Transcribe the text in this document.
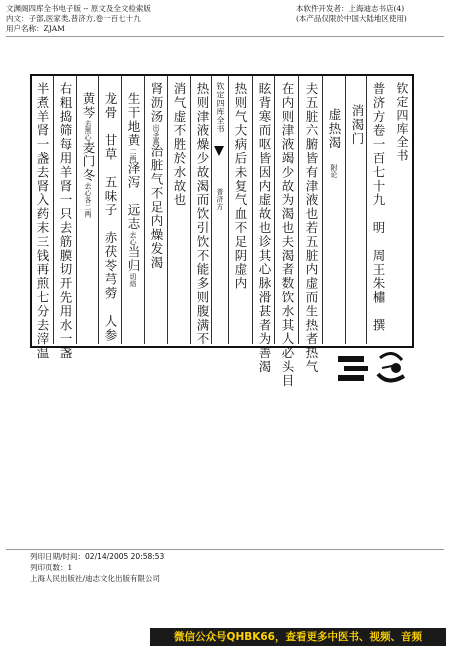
文渊阁四库全书电子版 -- 原文及全文检索版
内文：子部,医家类,普济方,卷一百七十九
用户名称：ZJAM
本软件开发者：上海迪志书店(4)
(本产品仅限於中国大陆地区使用)
钦定四库全书
普济方卷一百七十九明　周王朱橚　撰
消渴门
虚热渴附论
夫五脏六腑皆有津液也若五脏内虚而生热者热气
在内则津液竭少故为渴也夫渴者数饮水其人必头目
眩背寒而呕皆因内虚故也诊其心脉滑甚者为善渴
热则气大病后未复气血不足阴虚内
钦定四库全书
普济方
热则津液燥少故渴而饮引饮不能多则腹满不
消气虚不胜於水故也
肾沥汤出圣惠治脏气不足内燥发渴
生干地黄二两泽泻　远志去心当归切焙
龙骨　甘草　五味子　赤茯苓芎䓖　人参
黄芩去黑心麦门冬去心各二两
右粗捣筛每用羊肾一只去筋膜切开先用水一盏
半煮羊肾一盏去肾入药末三钱再煎七分去滓温
列印日期/时间：02/14/2005 20:58:53
列印页数：1
上海人民出版社/迪志文化出版有限公司
微信公众号QHBK66，查看更多中医书、视频、音频
